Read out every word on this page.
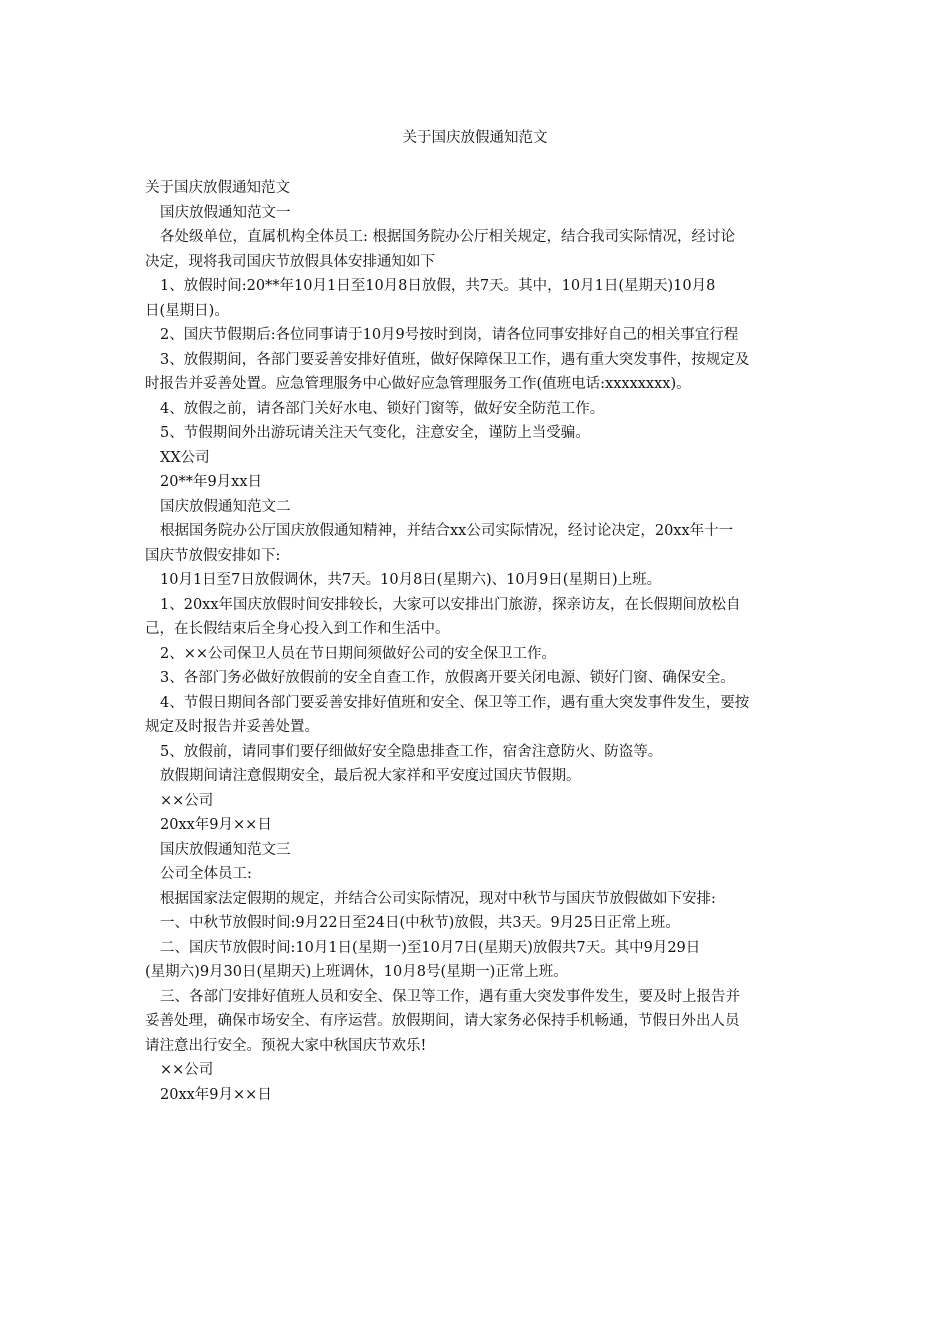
关于国庆放假通知范文

关于国庆放假通知范文

国庆放假通知范文一

各处级单位，直属机构全体员工: 根据国务院办公厅相关规定，结合我司实际情况，经讨论

决定，现将我司国庆节放假具体安排通知如下

1、放假时间:20**年10月1日至10月8日放假，共7天。其中，10月1日(星期天)10月8

日(星期日)。

2、国庆节假期后:各位同事请于10月9号按时到岗，请各位同事安排好自己的相关事宜行程

3、放假期间，各部门要妥善安排好值班，做好保障保卫工作，遇有重大突发事件，按规定及

时报告并妥善处置。应急管理服务中心做好应急管理服务工作(值班电话:xxxxxxxx)。

4、放假之前，请各部门关好水电、锁好门窗等，做好安全防范工作。

5、节假期间外出游玩请关注天气变化，注意安全，谨防上当受骗。

XX公司

20**年9月xx日

国庆放假通知范文二

根据国务院办公厅国庆放假通知精神，并结合xx公司实际情况，经讨论决定，20xx年十一

国庆节放假安排如下:

10月1日至7日放假调休，共7天。10月8日(星期六)、10月9日(星期日)上班。

1、20xx年国庆放假时间安排较长，大家可以安排出门旅游，探亲访友，在长假期间放松自

己，在长假结束后全身心投入到工作和生活中。

2、××公司保卫人员在节日期间须做好公司的安全保卫工作。

3、各部门务必做好放假前的安全自查工作，放假离开要关闭电源、锁好门窗、确保安全。

4、节假日期间各部门要妥善安排好值班和安全、保卫等工作，遇有重大突发事件发生，要按

规定及时报告并妥善处置。

5、放假前，请同事们要仔细做好安全隐患排查工作，宿舍注意防火、防盗等。

放假期间请注意假期安全，最后祝大家祥和平安度过国庆节假期。

××公司

20xx年9月××日

国庆放假通知范文三

公司全体员工:

根据国家法定假期的规定，并结合公司实际情况，现对中秋节与国庆节放假做如下安排:

一、中秋节放假时间:9月22日至24日(中秋节)放假，共3天。9月25日正常上班。

二、国庆节放假时间:10月1日(星期一)至10月7日(星期天)放假共7天。其中9月29日

(星期六)9月30日(星期天)上班调休，10月8号(星期一)正常上班。

三、各部门安排好值班人员和安全、保卫等工作，遇有重大突发事件发生，要及时上报告并

妥善处理，确保市场安全、有序运营。放假期间，请大家务必保持手机畅通，节假日外出人员

请注意出行安全。预祝大家中秋国庆节欢乐!

××公司

20xx年9月××日
